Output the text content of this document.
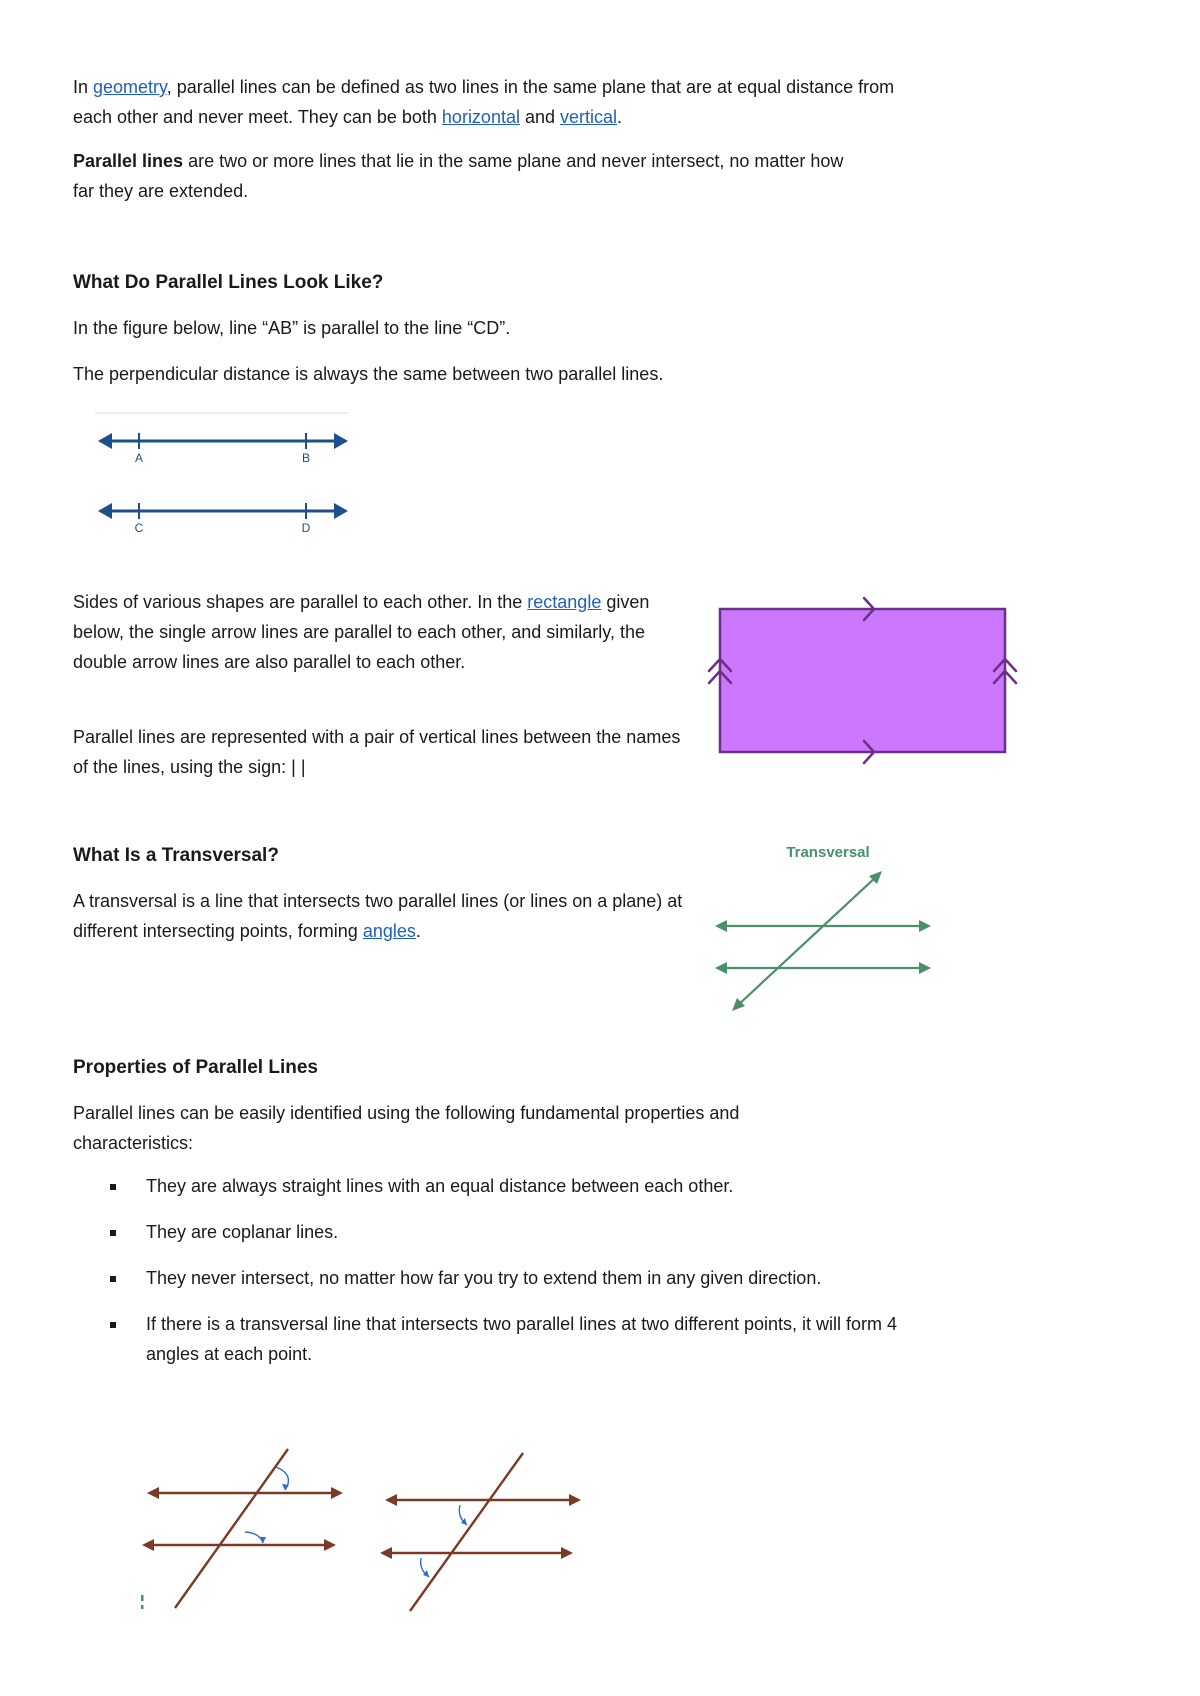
In geometry, parallel lines can be defined as two lines in the same plane that are at equal distance from each other and never meet. They can be both horizontal and vertical.

Parallel lines are two or more lines that lie in the same plane and never intersect, no matter how far they are extended.

What Do Parallel Lines Look Like?

In the figure below, line “AB” is parallel to the line “CD”.

The perpendicular distance is always the same between two parallel lines.

A	B
C	D

Sides of various shapes are parallel to each other. In the rectangle given below, the single arrow lines are parallel to each other, and similarly, the double arrow lines are also parallel to each other.

Parallel lines are represented with a pair of vertical lines between the names of the lines, using the sign: | |

What Is a Transversal?

A transversal is a line that intersects two parallel lines (or lines on a plane) at different intersecting points, forming angles.

Transversal
Properties of Parallel Lines

Parallel lines can be easily identified using the following fundamental properties and characteristics:

They are always straight lines with an equal distance between each other.
They are coplanar lines.
They never intersect, no matter how far you try to extend them in any given direction.
If there is a transversal line that intersects two parallel lines at two different points, it will form 4 angles at each point.
